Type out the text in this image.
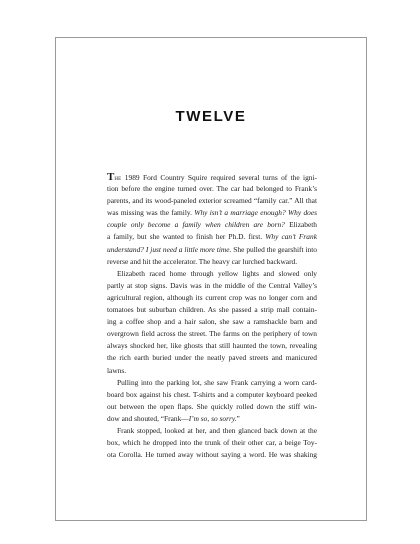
TWELVE
The 1989 Ford Country Squire required several turns of the igni-
tion before the engine turned over. The car had belonged to Frank’s
parents, and its wood-paneled exterior screamed “family car.” All that
was missing was the family. Why isn’t a marriage enough? Why does
couple only become a family when children are born? Elizabeth
a family, but she wanted to finish her Ph.D. first. Why can’t Frank
understand? I just need a little more time. She pulled the gearshift into
reverse and hit the accelerator. The heavy car lurched backward.
Elizabeth raced home through yellow lights and slowed only
partly at stop signs. Davis was in the middle of the Central Valley’s
agricultural region, although its current crop was no longer corn and
tomatoes but suburban children. As she passed a strip mall contain-
ing a coffee shop and a hair salon, she saw a ramshackle barn and
overgrown field across the street. The farms on the periphery of town
always shocked her, like ghosts that still haunted the town, revealing
the rich earth buried under the neatly paved streets and manicured
lawns.
Pulling into the parking lot, she saw Frank carrying a worn card-
board box against his chest. T-shirts and a computer keyboard peeked
out between the open flaps. She quickly rolled down the stiff win-
dow and shouted, “Frank—I’m so, so sorry.”
Frank stopped, looked at her, and then glanced back down at the
box, which he dropped into the trunk of their other car, a beige Toy-
ota Corolla. He turned away without saying a word. He was shaking
